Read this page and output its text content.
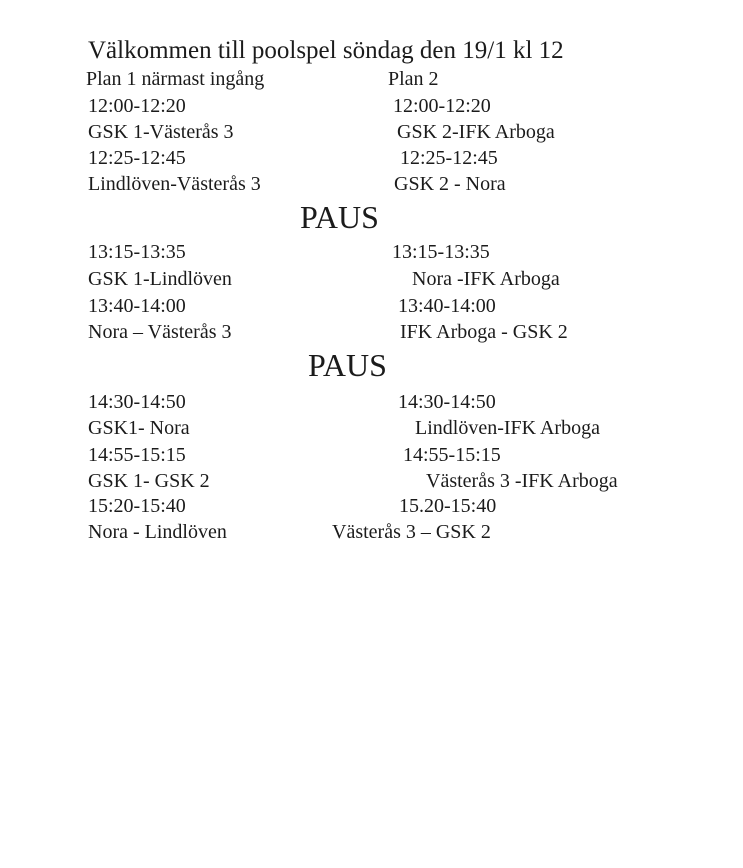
Välkommen till poolspel söndag den 19/1 kl 12
Plan 1 närmast ingång	Plan 2
12:00-12:20	12:00-12:20
GSK 1-Västerås 3	GSK 2-IFK Arboga
12:25-12:45	12:25-12:45
Lindlöven-Västerås 3	GSK 2 - Nora
PAUS
13:15-13:35	13:15-13:35
GSK 1-Lindlöven	Nora -IFK Arboga
13:40-14:00	13:40-14:00
Nora – Västerås 3	IFK Arboga - GSK 2
PAUS
14:30-14:50	14:30-14:50
GSK1- Nora	Lindlöven-IFK Arboga
14:55-15:15	14:55-15:15
GSK 1- GSK 2	Västerås 3 -IFK Arboga
15:20-15:40	15.20-15:40
Nora - Lindlöven	Västerås 3 – GSK 2
